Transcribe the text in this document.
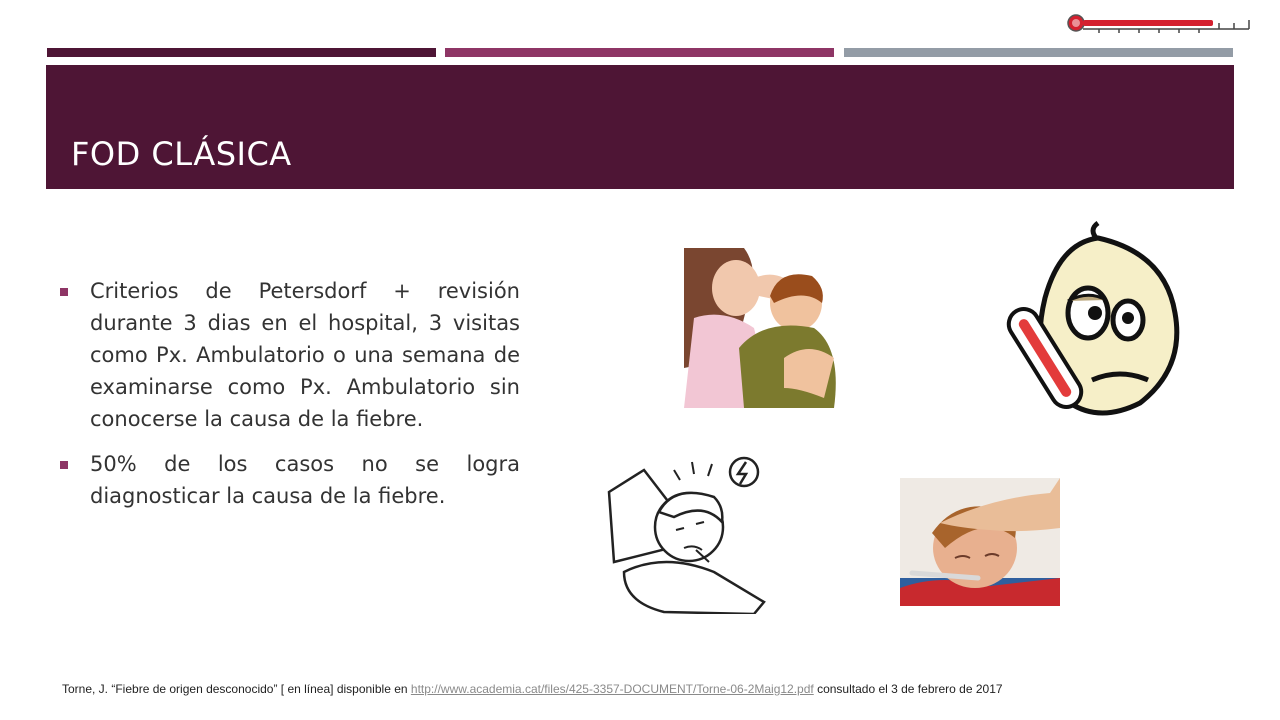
FOD CLÁSICA
Criterios de Petersdorf + revisión durante 3 dias en el hospital, 3 visitas como Px. Ambulatorio o una semana de examinarse como Px. Ambulatorio sin conocerse la causa de la fiebre.
50% de los casos no se logra diagnosticar la causa de la fiebre.
Torne, J. “Fiebre de origen desconocido” [ en línea] disponible en http://www.academia.cat/files/425-3357-DOCUMENT/Torne-06-2Maig12.pdf consultado el 3 de febrero de 2017
